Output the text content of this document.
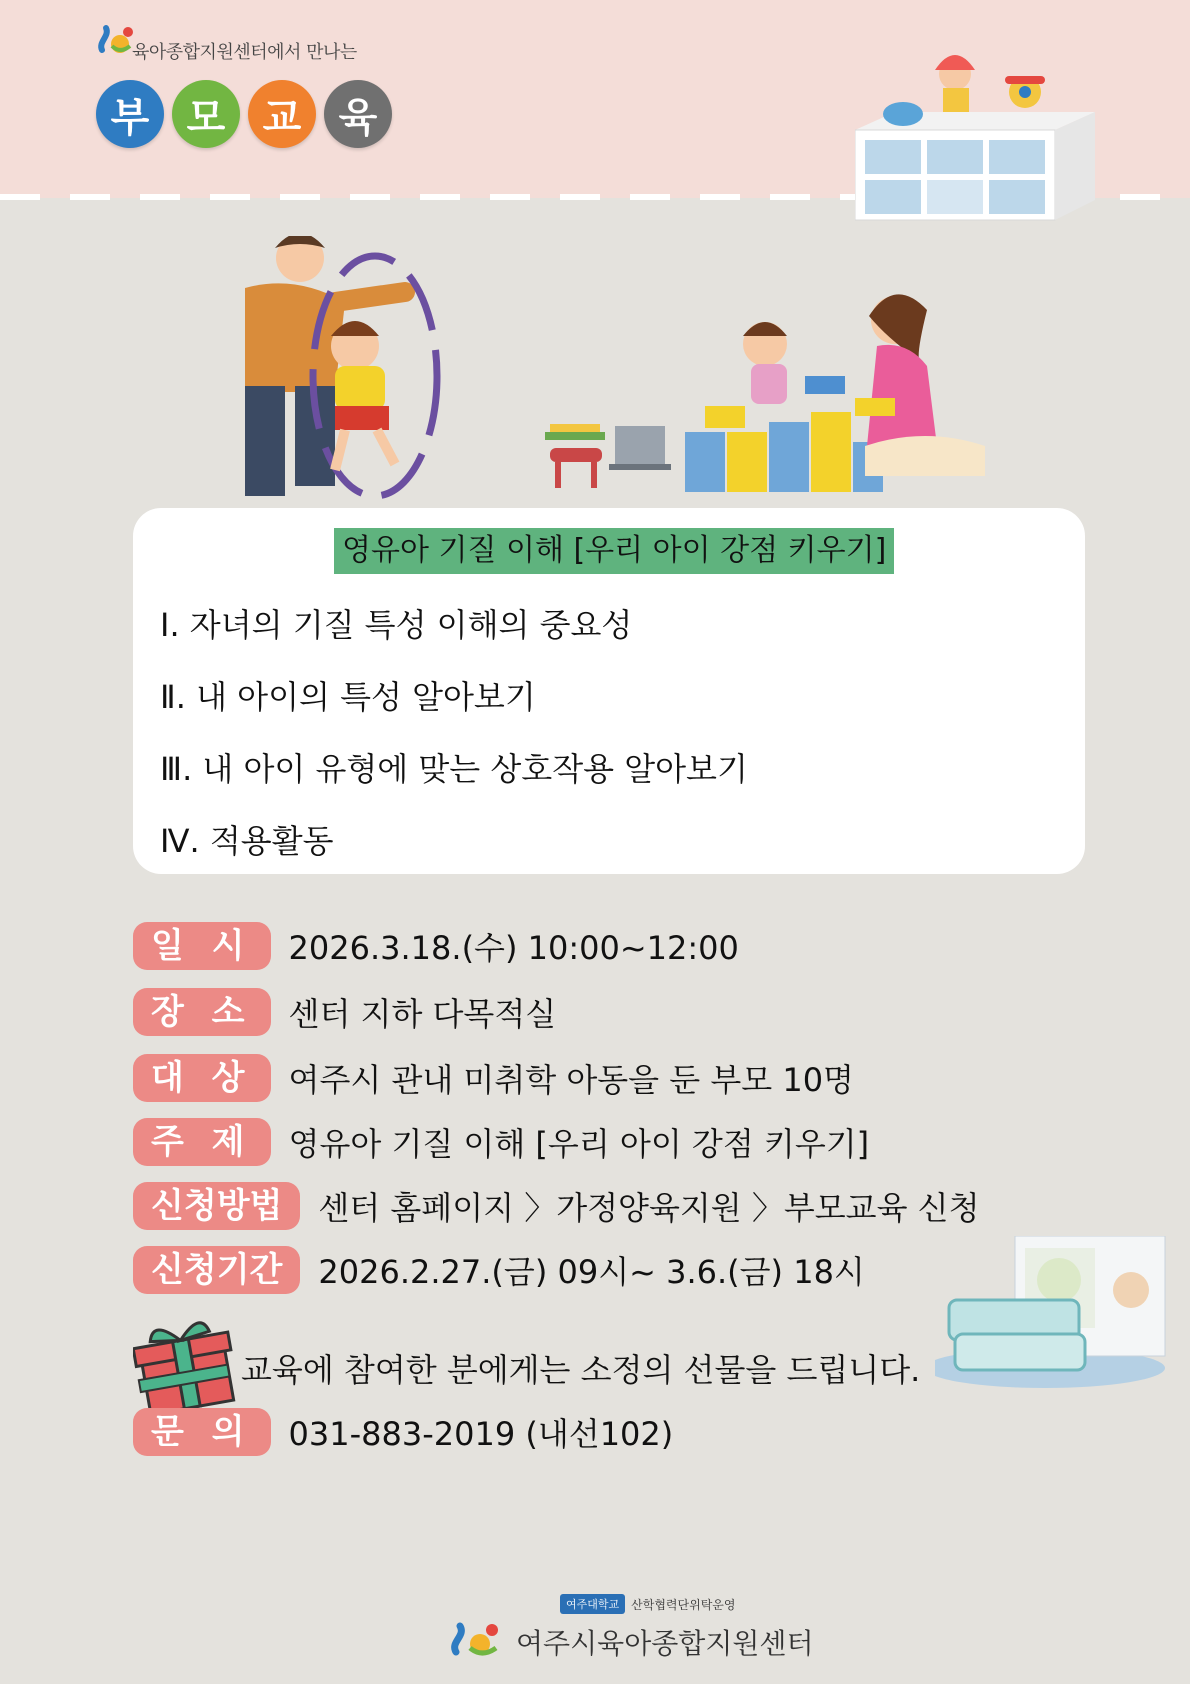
육아종합지원센터에서 만나는
부 모 교 육
영유아 기질 이해 [우리 아이 강점 키우기]
Ⅰ. 자녀의 기질 특성 이해의 중요성
Ⅱ. 내 아이의 특성 알아보기
Ⅲ. 내 아이 유형에 맞는 상호작용 알아보기
Ⅳ. 적용활동
일 시	2026.3.18.(수) 10:00~12:00
장 소	센터 지하 다목적실
대 상	여주시 관내 미취학 아동을 둔 부모 10명
주 제	영유아 기질 이해 [우리 아이 강점 키우기]
신청방법	센터 홈페이지 〉가정양육지원 〉부모교육 신청
신청기간	2026.2.27.(금) 09시~ 3.6.(금) 18시
교육에 참여한 분에게는 소정의 선물을 드립니다.
문 의	031-883-2019 (내선102)
여주대학교	산학협력단위탁운영
여주시육아종합지원센터
